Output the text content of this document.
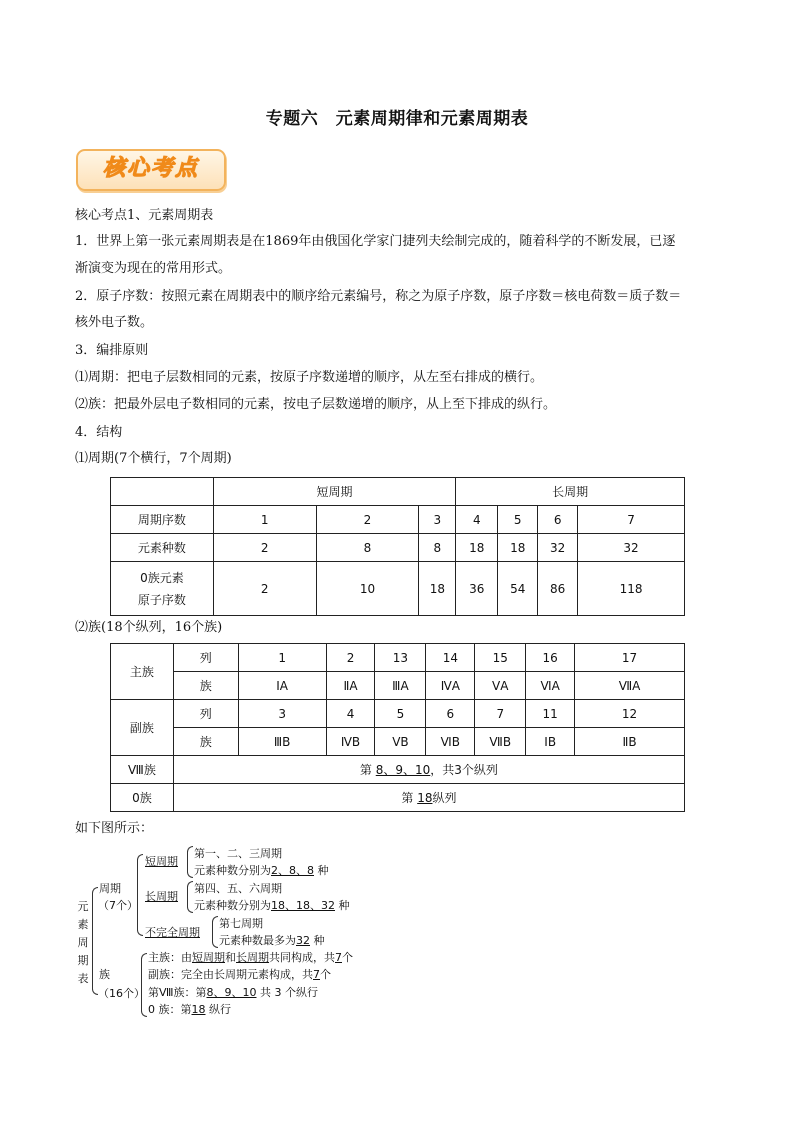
专题六　元素周期律和元素周期表
核心考点
核心考点1、元素周期表
1．世界上第一张元素周期表是在1869年由俄国化学家门捷列夫绘制完成的，随着科学的不断发展，已逐
渐演变为现在的常用形式。
2．原子序数：按照元素在周期表中的顺序给元素编号，称之为原子序数，原子序数＝核电荷数＝质子数＝
核外电子数。
3．编排原则
⑴周期：把电子层数相同的元素，按原子序数递增的顺序，从左至右排成的横行。
⑵族：把最外层电子数相同的元素，按电子层数递增的顺序，从上至下排成的纵行。
4．结构
⑴周期(7个横行，7个周期)
	短周期			长周期			
周期序数	1	2	3	4	5	6	7
元素种数	2	8	8	18	18	32	32

0族元素
原子序数	2	10	18	36	54	86	118
⑵族(18个纵列，16个族)
主族	列	1	2	13	14	15	16	17
	族	ⅠA	ⅡA	ⅢA	ⅣA	ⅤA	ⅥA	ⅦA
副族	列	3	4	5	6	7	11	12
	族	ⅢB	ⅣB	ⅤB	ⅥB	ⅦB	ⅠB	ⅡB
Ⅷ族	第 8、9、10，共3个纵列							
0族	第 18纵列							
如下图所示：
元
素
周
期
表
周期
（7个）
短周期
第一、二、三周期
元素种数分别为2、8、8 种
长周期
第四、五、六周期
元素种数分别为18、18、32 种
不完全周期
第七周期
元素种数最多为32 种
族
（16个）
主族：由短周期和长周期共同构成，共7个
副族：完全由长周期元素构成，共7个
第Ⅷ族：第8、9、10 共 3 个纵行
0 族：第18 纵行
